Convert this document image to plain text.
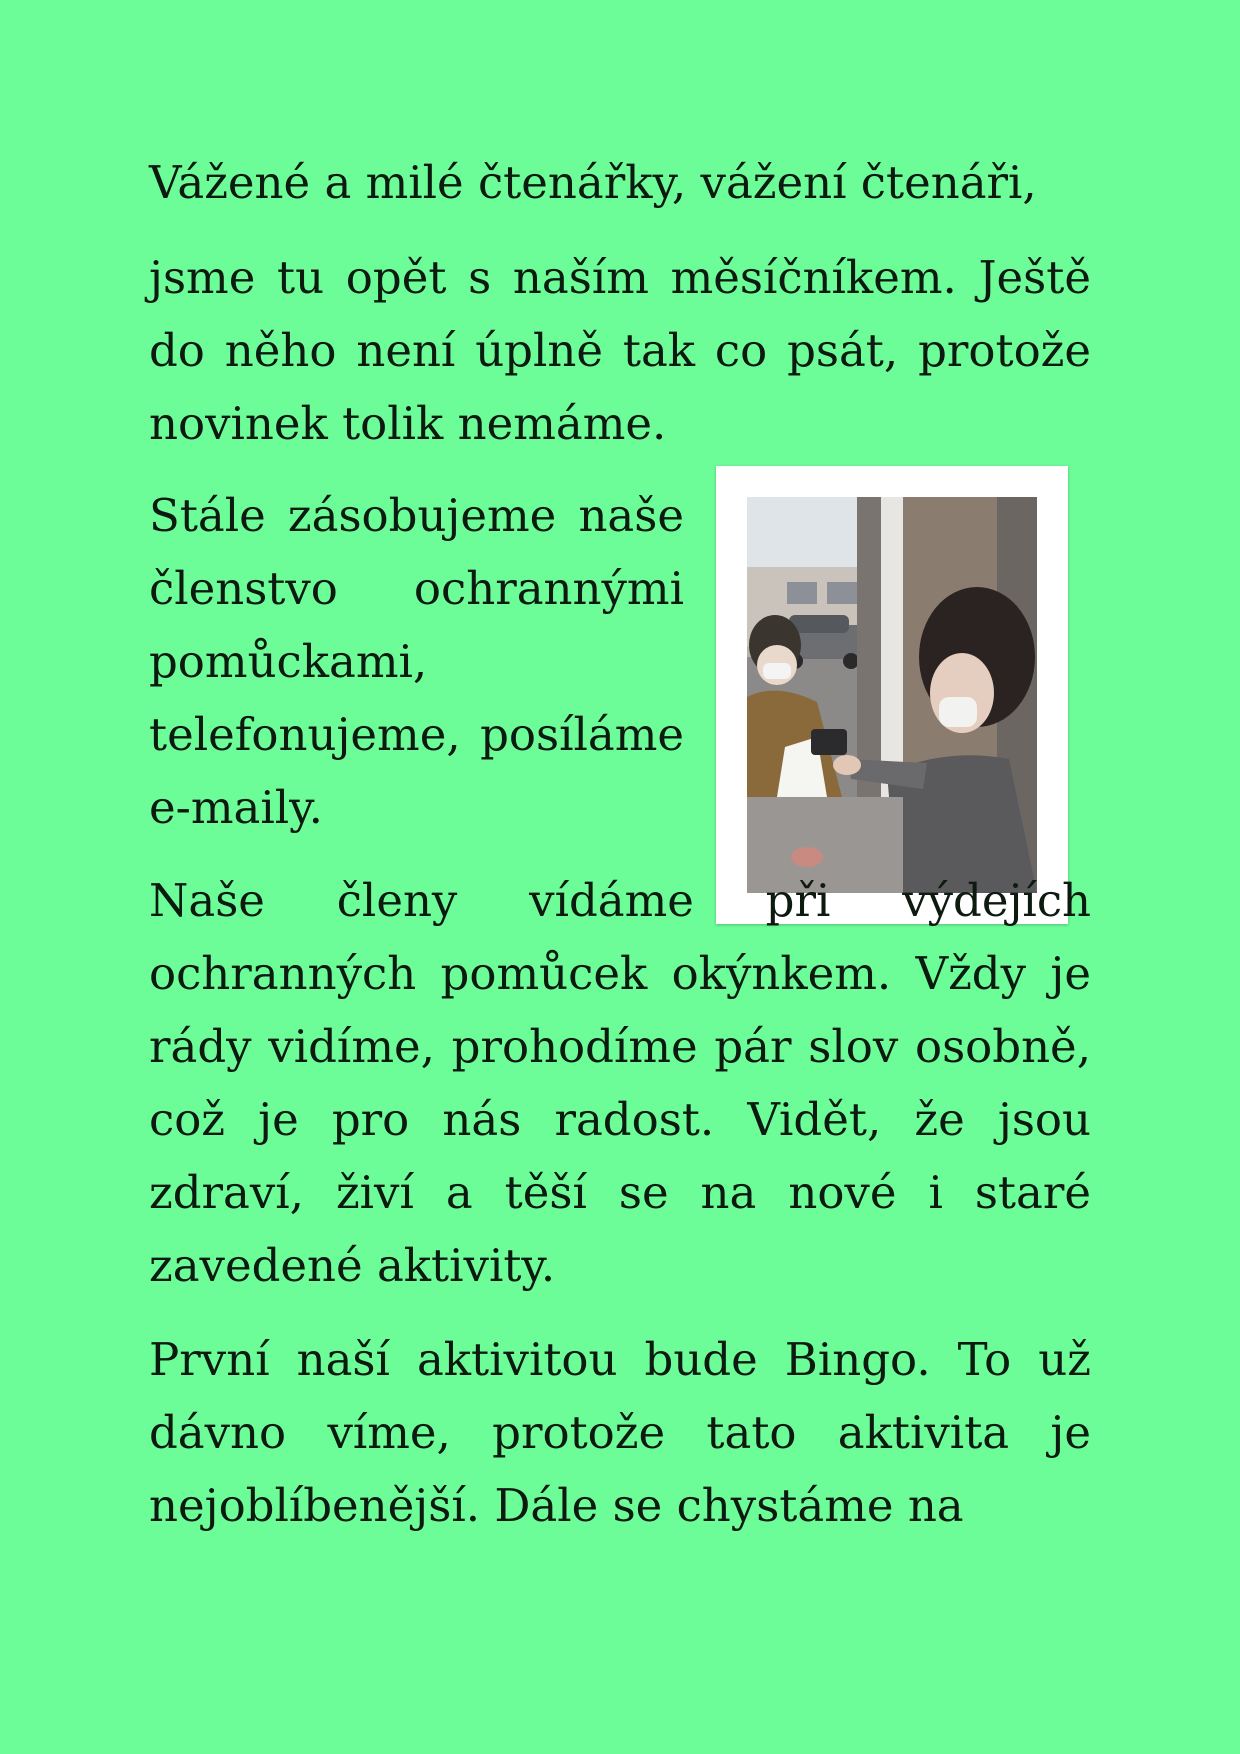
Vážené a milé čtenářky, vážení čtenáři,

jsme tu opět s naším měsíčníkem. Ještě do něho není úplně tak co psát, protože novinek tolik nemáme.

Stále zásobujeme naše členstvo ochrannými pomůckami, telefonujeme, posíláme e-maily.

Naše členy vídáme při výdejích ochranných pomůcek okýnkem. Vždy je rády vidíme, prohodíme pár slov osobně, což je pro nás radost. Vidět, že jsou zdraví, živí a těší se na nové i staré zavedené aktivity.

První naší aktivitou bude Bingo. To už dávno víme, protože tato aktivita je nejoblíbenější. Dále se chystáme na
